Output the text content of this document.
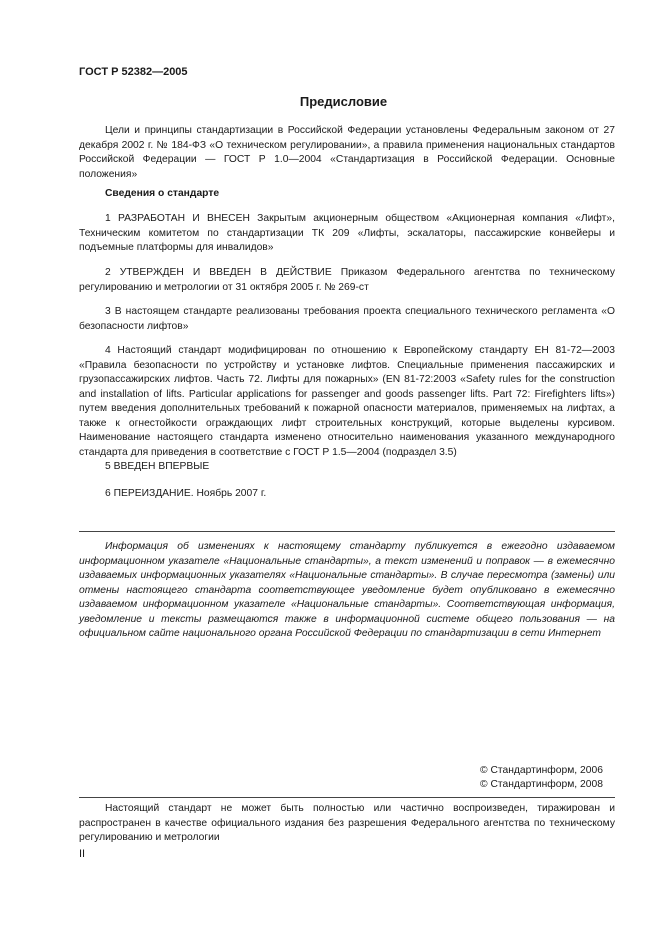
ГОСТ Р 52382—2005
Предисловие
Цели и принципы стандартизации в Российской Федерации установлены Федеральным законом от 27 декабря 2002 г. № 184-ФЗ «О техническом регулировании», а правила применения национальных стандартов Российской Федерации — ГОСТ Р 1.0—2004 «Стандартизация в Российской Федерации. Основные положения»
Сведения о стандарте
1 РАЗРАБОТАН И ВНЕСЕН Закрытым акционерным обществом «Акционерная компания «Лифт», Техническим комитетом по стандартизации ТК 209 «Лифты, эскалаторы, пассажирские конвейеры и подъемные платформы для инвалидов»
2 УТВЕРЖДЕН И ВВЕДЕН В ДЕЙСТВИЕ Приказом Федерального агентства по техническому регулированию и метрологии от 31 октября 2005 г. № 269-ст
3 В настоящем стандарте реализованы требования проекта специального технического регламента «О безопасности лифтов»
4 Настоящий стандарт модифицирован по отношению к Европейскому стандарту ЕН 81-72—2003 «Правила безопасности по устройству и установке лифтов. Специальные применения пассажирских и грузопассажирских лифтов. Часть 72. Лифты для пожарных» (EN 81-72:2003 «Safety rules for the construction and installation of lifts. Particular applications for passenger and goods passenger lifts. Part 72: Firefighters lifts») путем введения дополнительных требований к пожарной опасности материалов, применяемых на лифтах, а также к огнестойкости ограждающих лифт строительных конструкций, которые выделены курсивом. Наименование настоящего стандарта изменено относительно наименования указанного международного стандарта для приведения в соответствие с ГОСТ Р 1.5—2004 (подраздел 3.5)
5 ВВЕДЕН ВПЕРВЫЕ
6 ПЕРЕИЗДАНИЕ. Ноябрь 2007 г.
Информация об изменениях к настоящему стандарту публикуется в ежегодно издаваемом информационном указателе «Национальные стандарты», а текст изменений и поправок — в ежемесячно издаваемых информационных указателях «Национальные стандарты». В случае пересмотра (замены) или отмены настоящего стандарта соответствующее уведомление будет опубликовано в ежемесячно издаваемом информационном указателе «Национальные стандарты». Соответствующая информация, уведомление и тексты размещаются также в информационной системе общего пользования — на официальном сайте национального органа Российской Федерации по стандартизации в сети Интернет
© Стандартинформ, 2006
© Стандартинформ, 2008
Настоящий стандарт не может быть полностью или частично воспроизведен, тиражирован и распространен в качестве официального издания без разрешения Федерального агентства по техническому регулированию и метрологии
II
